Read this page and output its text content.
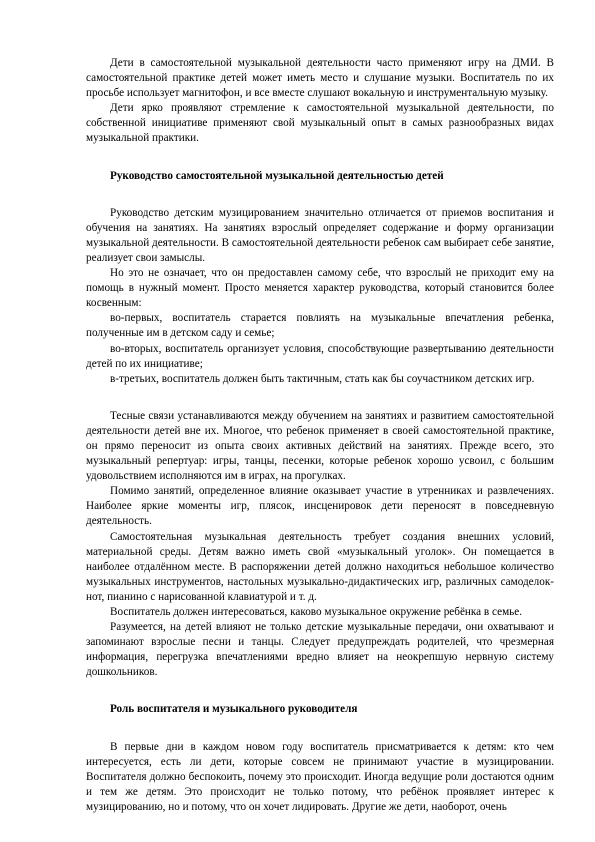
Дети в самостоятельной музыкальной деятельности часто применяют игру на ДМИ. В самостоятельной практике детей может иметь место и слушание музыки. Воспитатель по их просьбе использует магнитофон, и все вместе слушают вокальную и инструментальную музыку.

Дети ярко проявляют стремление к самостоятельной музыкальной деятельности, по собственной инициативе применяют свой музыкальный опыт в самых разнообразных видах музыкальной практики.

Руководство самостоятельной музыкальной деятельностью детей

Руководство детским музицированием значительно отличается от приемов воспитания и обучения на занятиях. На занятиях взрослый определяет содержание и форму организации музыкальной деятельности. В самостоятельной деятельности ребенок сам выбирает себе занятие, реализует свои замыслы.

Но это не означает, что он предоставлен самому себе, что взрослый не приходит ему на помощь в нужный момент. Просто меняется характер руководства, который становится более косвенным:

во-первых, воспитатель старается повлиять на музыкальные впечатления ребенка, полученные им в детском саду и семье;

во-вторых, воспитатель организует условия, способствующие развертыванию деятельности детей по их инициативе;

в-третьих, воспитатель должен быть тактичным, стать как бы соучастником детских игр.

Тесные связи устанавливаются между обучением на занятиях и развитием самостоятельной деятельности детей вне их. Многое, что ребенок применяет в своей самостоятельной практике, он прямо переносит из опыта своих активных действий на занятиях. Прежде всего, это музыкальный репертуар: игры, танцы, песенки, которые ребенок хорошо усвоил, с большим удовольствием исполняются им в играх, на прогулках.

Помимо занятий, определенное влияние оказывает участие в утренниках и развлечениях. Наиболее яркие моменты игр, плясок, инсценировок дети переносят в повседневную деятельность.

Самостоятельная музыкальная деятельность требует создания внешних условий, материальной среды. Детям важно иметь свой «музыкальный уголок». Он помещается в наиболее отдалённом месте. В распоряжении детей должно находиться небольшое количество музыкальных инструментов, настольных музыкально-дидактических игр, различных самоделок-нот, пианино с нарисованной клавиатурой и т. д.

Воспитатель должен интересоваться, каково музыкальное окружение ребёнка в семье.

Разумеется, на детей влияют не только детские музыкальные передачи, они охватывают и запоминают взрослые песни и танцы. Следует предупреждать родителей, что чрезмерная информация, перегрузка впечатлениями вредно влияет на неокрепшую нервную систему дошкольников.

Роль воспитателя и музыкального руководителя

В первые дни в каждом новом году воспитатель присматривается к детям: кто чем интересуется, есть ли дети, которые совсем не принимают участие в музицировании. Воспитателя должно беспокоить, почему это происходит. Иногда ведущие роли достаются одним и тем же детям. Это происходит не только потому, что ребёнок проявляет интерес к музицированию, но и потому, что он хочет лидировать. Другие же дети, наоборот, очень
